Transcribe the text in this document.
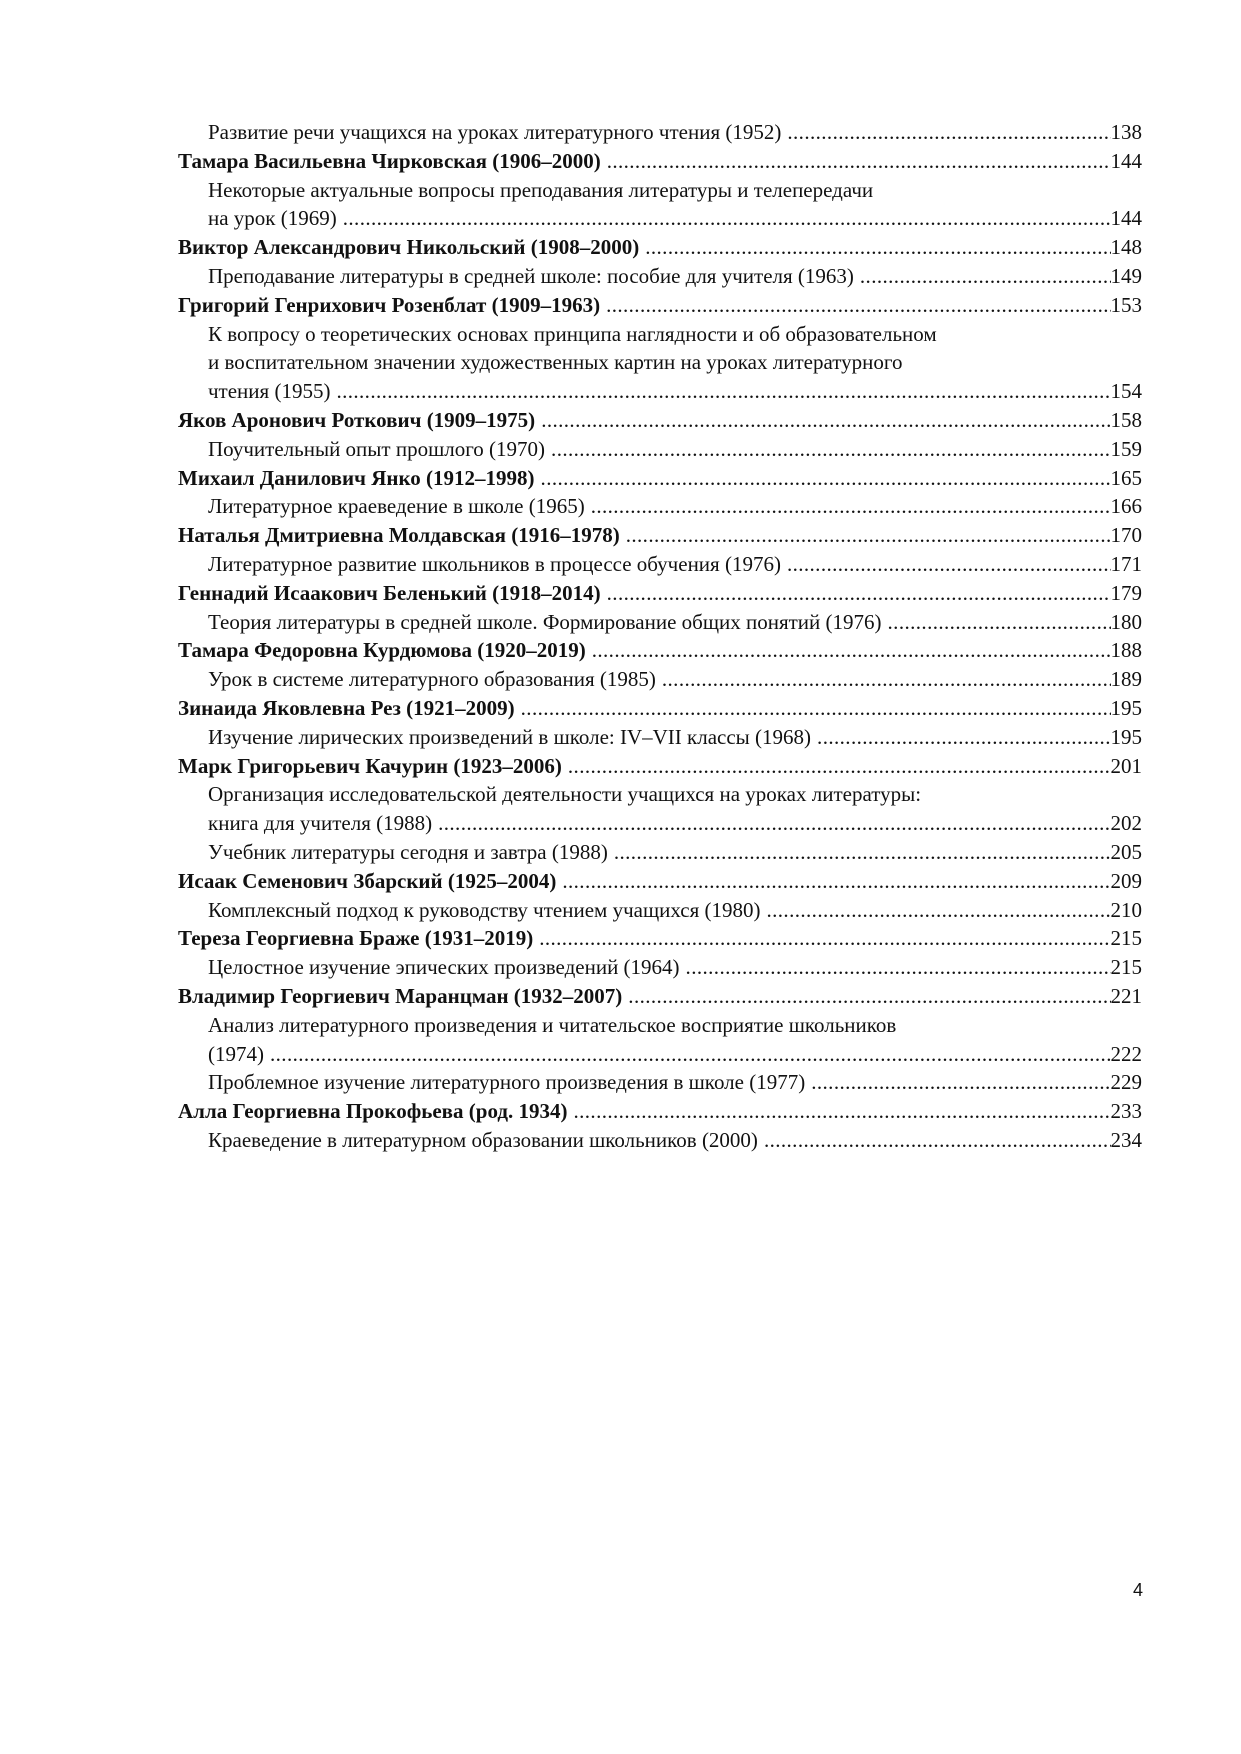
Развитие речи учащихся на уроках литературного чтения (1952) .....	138
Тамара Васильевна Чирковская (1906–2000) .....	144
Некоторые актуальные вопросы преподавания литературы и телепередачи
на урок (1969) .....	144
Виктор Александрович Никольский (1908–2000) .....	148
Преподавание литературы в средней школе: пособие для учителя (1963) .....	149
Григорий Генрихович Розенблат (1909–1963) .....	153
К вопросу о теоретических основах принципа наглядности и об образовательном
и воспитательном значении художественных картин на уроках литературного
чтения (1955) .....	154
Яков Аронович Роткович (1909–1975) .....	158
Поучительный опыт прошлого (1970) .....	159
Михаил Данилович Янко (1912–1998) .....	165
Литературное краеведение в школе (1965) .....	166
Наталья Дмитриевна Молдавская (1916–1978) .....	170
Литературное развитие школьников в процессе обучения (1976) .....	171
Геннадий Исаакович Беленький (1918–2014) .....	179
Теория литературы в средней школе. Формирование общих понятий (1976) .....	180
Тамара Федоровна Курдюмова (1920–2019) .....	188
Урок в системе литературного образования (1985) .....	189
Зинаида Яковлевна Рез (1921–2009) .....	195
Изучение лирических произведений в школе: IV–VII классы (1968) .....	195
Марк Григорьевич Качурин (1923–2006) .....	201
Организация исследовательской деятельности учащихся на уроках литературы:
книга для учителя (1988) .....	202
Учебник литературы сегодня и завтра (1988) .....	205
Исаак Семенович Збарский (1925–2004) .....	209
Комплексный подход к руководству чтением учащихся (1980) .....	210
Тереза Георгиевна Браже (1931–2019) .....	215
Целостное изучение эпических произведений (1964) .....	215
Владимир Георгиевич Маранцман (1932–2007) .....	221
Анализ литературного произведения и читательское восприятие школьников
(1974) .....	222
Проблемное изучение литературного произведения в школе (1977) .....	229
Алла Георгиевна Прокофьева (род. 1934) .....	233
Краеведение в литературном образовании школьников (2000) .....	234
4
